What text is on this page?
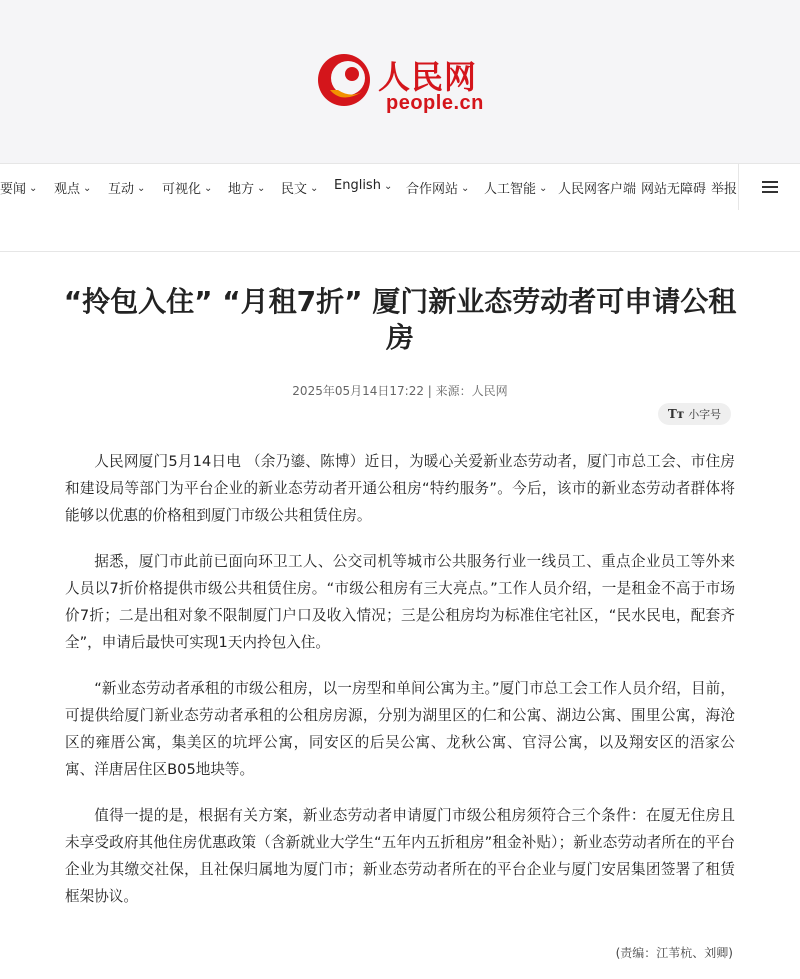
人民网
people.cn
要闻 ⌄ 观点 ⌄ 互动 ⌄ 可视化 ⌄ 地方 ⌄ 民文 ⌄ English ⌄ 合作网站 ⌄ 人工智能 ⌄ 人民网客户端 网站无障碍 举报
“拎包入住” “月租7折” 厦门新业态劳动者可申请公租房
2025年05月14日17:22 | 来源：人民网
Tт 小字号

人民网厦门5月14日电 （余乃鎏、陈博）近日，为暖心关爱新业态劳动者，厦门市总工会、市住房和建设局等部门为平台企业的新业态劳动者开通公租房“特约服务”。今后，该市的新业态劳动者群体将能够以优惠的价格租到厦门市级公共租赁住房。

据悉，厦门市此前已面向环卫工人、公交司机等城市公共服务行业一线员工、重点企业员工等外来人员以7折价格提供市级公共租赁住房。“市级公租房有三大亮点。”工作人员介绍，一是租金不高于市场价7折；二是出租对象不限制厦门户口及收入情况；三是公租房均为标准住宅社区，“民水民电，配套齐全”，申请后最快可实现1天内拎包入住。

“新业态劳动者承租的市级公租房，以一房型和单间公寓为主。”厦门市总工会工作人员介绍，目前，可提供给厦门新业态劳动者承租的公租房房源，分别为湖里区的仁和公寓、湖边公寓、围里公寓，海沧区的雍厝公寓，集美区的坑坪公寓，同安区的后吴公寓、龙秋公寓、官浔公寓，以及翔安区的浯家公寓、洋唐居住区B05地块等。

值得一提的是，根据有关方案，新业态劳动者申请厦门市级公租房须符合三个条件：在厦无住房且未享受政府其他住房优惠政策（含新就业大学生“五年内五折租房”租金补贴）；新业态劳动者所在的平台企业为其缴交社保，且社保归属地为厦门市；新业态劳动者所在的平台企业与厦门安居集团签署了租赁框架协议。

(责编：江苇杭、刘卿)
